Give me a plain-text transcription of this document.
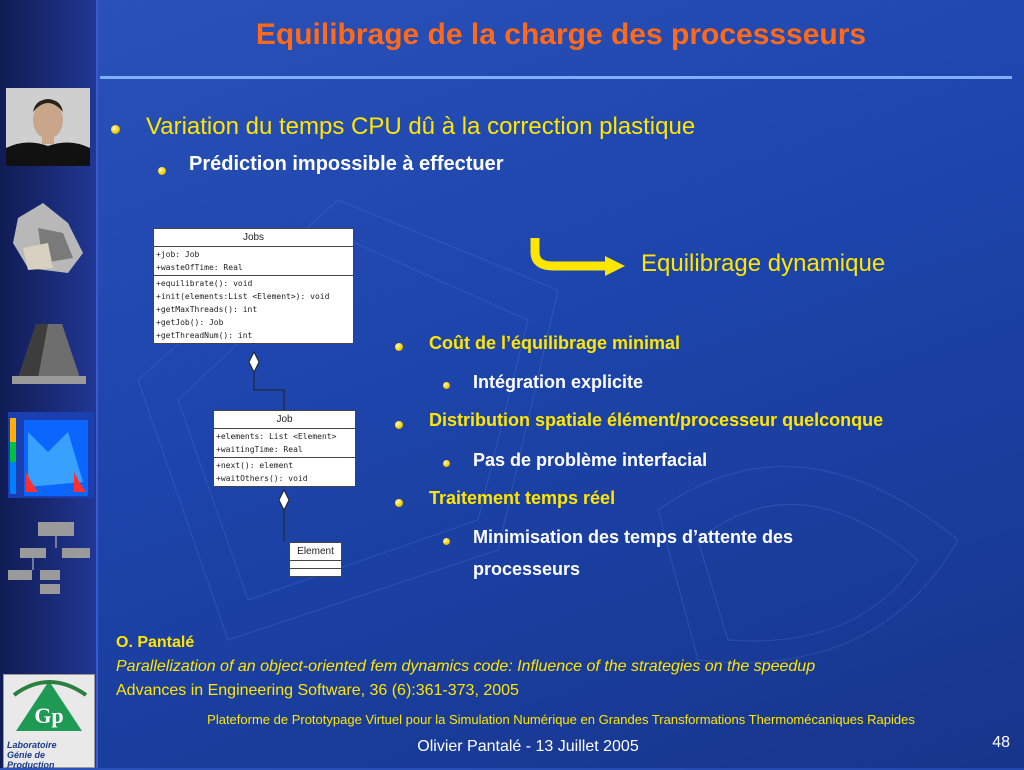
Gp
Laboratoire
Génie de Production
Equilibrage de la charge des processseurs
Variation du temps CPU dû à la correction plastique
Prédiction impossible à effectuer
Jobs
+job: Job
+wasteOfTime: Real
+equilibrate(): void
+init(elements:List <Element>): void
+getMaxThreads(): int
+getJob(): Job
+getThreadNum(): int
Job
+elements: List <Element>
+waitingTime: Real
+next(): element
+waitOthers(): void
Element
Equilibrage dynamique
Coût de l’équilibrage minimal
Intégration explicite
Distribution spatiale élément/processeur quelconque
Pas de problème interfacial
Traitement temps réel
Minimisation des temps d’attente des
processeurs
O. Pantalé
Parallelization of an object-oriented fem dynamics code: Influence of the strategies on the speedup
Advances in Engineering Software, 36 (6):361-373, 2005
Plateforme de Prototypage Virtuel pour la Simulation Numérique en Grandes Transformations Thermomécaniques Rapides
Olivier Pantalé - 13 Juillet 2005	48
